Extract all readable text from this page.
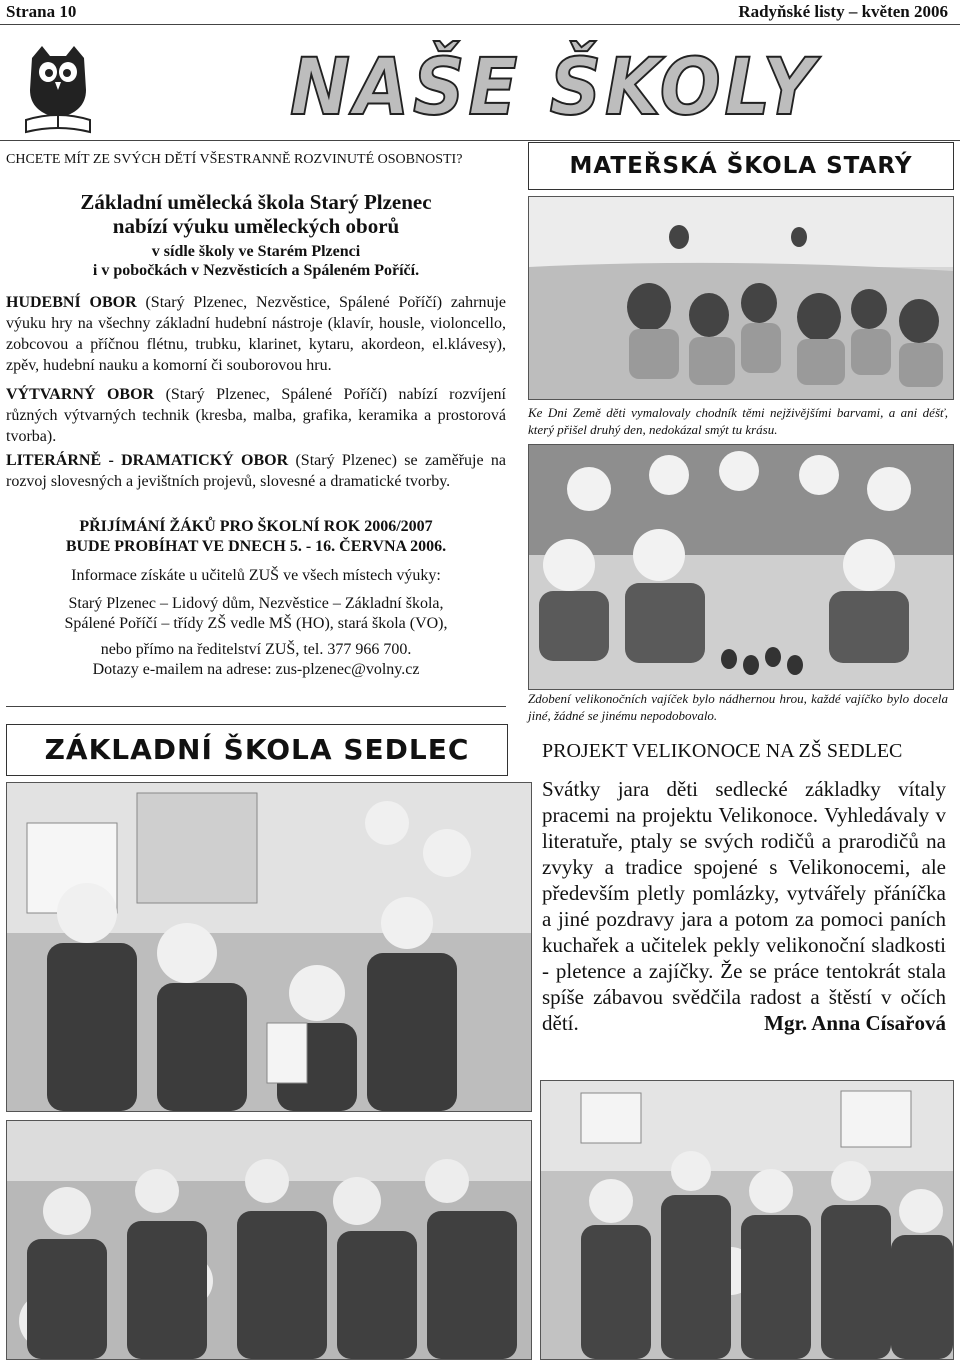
Strana 10	Radyňské listy – květen 2006
NAŠE ŠKOLY
CHCETE MÍT ZE SVÝCH DĚTÍ VŠESTRANNĚ ROZVINUTÉ OSOBNOSTI?
Základní umělecká škola Starý Plzenec
nabízí výuku uměleckých oborů
v sídle školy ve Starém Plzenci
i v pobočkách v Nezvěsticích a Spáleném Poříčí.
HUDEBNÍ OBOR (Starý Plzenec, Nezvěstice, Spálené Poříčí) zahrnuje výuku hry na všechny základní hudební nástroje (klavír, housle, violoncello, zobcovou a příčnou flétnu, trubku, klarinet, kytaru, akordeon, el.klávesy), zpěv, hudební nauku a komorní či souborovou hru.
VÝTVARNÝ OBOR (Starý Plzenec, Spálené Poříčí) nabízí rozvíjení různých výtvarných technik (kresba, malba, grafika, keramika a prostorová tvorba).
LITERÁRNĚ - DRAMATICKÝ OBOR (Starý Plzenec) se zaměřuje na rozvoj slovesných a jevištních projevů, slovesné a dramatické tvorby.
PŘIJÍMÁNÍ ŽÁKŮ PRO ŠKOLNÍ ROK 2006/2007
BUDE PROBÍHAT VE DNECH 5. - 16. ČERVNA 2006.
Informace získáte u učitelů ZUŠ ve všech místech výuky:
Starý Plzenec – Lidový dům, Nezvěstice – Základní škola,
Spálené Poříčí – třídy ZŠ vedle MŠ (HO), stará škola (VO),
nebo přímo na ředitelství ZUŠ, tel. 377 966 700.
Dotazy e-mailem na adrese: zus-plzenec@volny.cz
MATEŘSKÁ ŠKOLA STARÝ
Ke Dni Země děti vymalovaly chodník těmi nejživějšími barvami, a ani déšť, který přišel druhý den, nedokázal smýt tu krásu.
Zdobení velikonočních vajíček bylo nádhernou hrou, každé vajíčko bylo docela jiné, žádné se jinému nepodobovalo.
ZÁKLADNÍ ŠKOLA SEDLEC	PROJEKT VELIKONOCE NA ZŠ SEDLEC
Svátky jara děti sedlecké základky vítaly pracemi na projektu Velikonoce. Vyhledávaly v literatuře, ptaly se svých rodičů a prarodičů na zvyky a tradice spojené s Velikonocemi, ale především pletly pomlázky, vytvářely přáníčka a jiné pozdravy jara a potom za pomoci paních kuchařek a učitelek pekly velikonoční sladkosti - pletence a zajíčky. Že se práce tentokrát stala spíše zábavou svědčila radost a štěstí v očích dětí.	Mgr. Anna Císařová
